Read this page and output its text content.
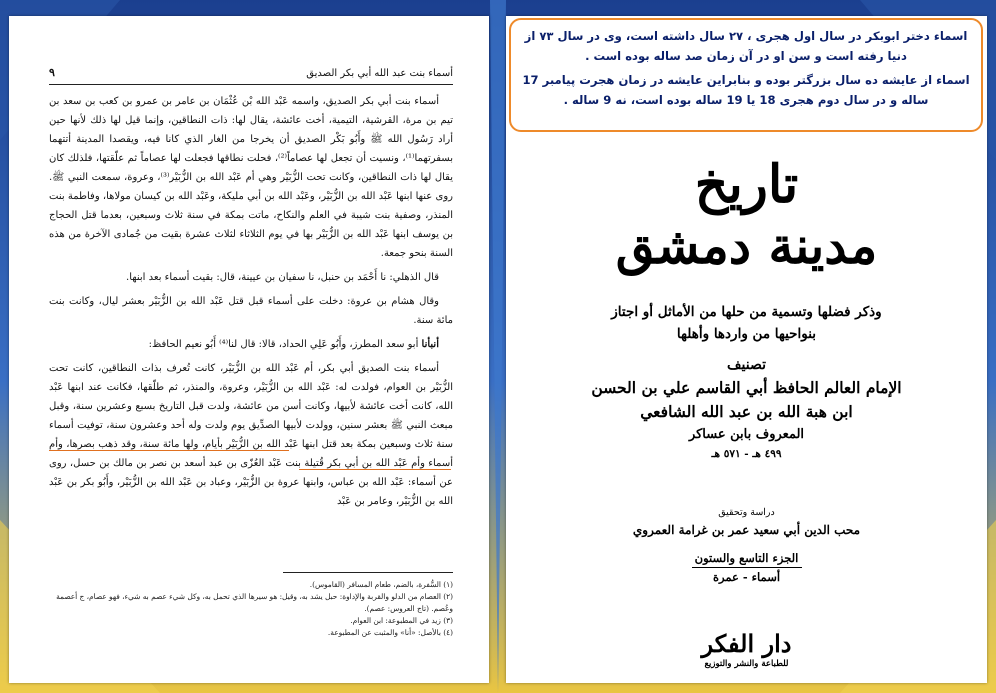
أسماء بنت عبد الله أبي بكر الصديق
٩

أسماء بنت أبي بكر الصديق، واسمه عَبْد الله بْن عُثْمَان بن عامر بن عمرو بن كعب بن سعد بن تيم بن مرة، القرشية، التيمية، أخت عائشة، يقال لها: ذات النطاقين، وإنما قيل لها ذلك لأنها حين أراد رَسُول الله ﷺ وأَبُو بَكْر الصديق أن يخرجا من الغار الذي كانا فيه، ويقصدا المدينة أتتهما بسفرتهما⁽¹⁾، ونسيت أن تجعل لها عصاماً⁽²⁾، فحلت نطاقها فجعلت لها عصاماً ثم علّقتها، فلذلك كان يقال لها ذات النطاقين، وكانت تحت الزُّبَيْر وهي أم عَبْد الله بن الزُّبَيْر⁽³⁾، وعروة، سمعت النبي ﷺ. روى عنها ابنها عَبْد الله بن الزُّبَيْر، وعَبْد الله بن أبي مليكة، وعَبْد الله بن كيسان مولاها، وفاطمة بنت المنذر، وصفية بنت شيبة في العلم والنكاح، ماتت بمكة في سنة ثلاث وسبعين، بعدما قتل الحجاج بن يوسف ابنها عَبْد الله بن الزُّبَيْر بها في يوم الثلاثاء لثلاث عشرة بقيت من جُمادى الآخرة من هذه السنة بنحو جمعة.

قال الذهلي: نا أَحْمَد بن حنبل، نا سفيان بن عيينة، قال: بقيت أسماء بعد ابنها.

وقال هشام بن عروة: دخلت على أسماء قبل قتل عَبْد الله بن الزُّبَيْر بعشر ليال، وكانت بنت مائة سنة.

أنبأنا أبو سعد المطرز، وأَبُو عَلِي الحداد، قالا: قال لنا⁽⁴⁾ أَبُو نعيم الحافظ:

أسماء بنت الصديق أبي بكر، أم عَبْد الله بن الزُّبَيْر، كانت تُعرف بذات النطاقين، كانت تحت الزُّبَيْر بن العوام، فولدت له: عَبْد الله بن الزُّبَيْر، وعروة، والمنذر، ثم طلّقها، فكانت عند ابنها عَبْد الله، كانت أخت عائشة لأبيها، وكانت أسن من عائشة، ولدت قبل التاريخ بسبع وعشرين سنة، وقبل مبعث النبي ﷺ بعشر سنين، وولدت لأبيها الصدِّيق يوم ولدت وله أحد وعشرون سنة، توفيت أسماء سنة ثلاث وسبعين بمكة بعد قتل ابنها عَبْد الله بن الزُّبَيْر بأيام، ولها مائة سنة، وقد ذهب بصرها، وأم أسماء وأم عَبْد الله بن أبي بكر قُتيلة بنت عَبْد العُزّى بن عبد أسعد بن نصر بن مالك بن حسل، روى عن أسماء: عَبْد الله بن عباس، وابنها عروة بن الزُّبَيْر، وعباد بن عَبْد الله بن الزُّبَيْر، وأَبُو بكر بن عَبْد الله بن الزُّبَيْر، وعامر بن عَبْد

(١) السُّفرة، بالضم، طعام المسافر (القاموس).
(٢) العصام من الدلو والقربة والإداوة: حبل يشد به، وقيل: هو سيرها الذي تحمل به، وكل شيء عصم به شيء، فهو عصام، ج أعصمة وعُصم. (تاج العروس: عصم).
(٣) زيد في المطبوعة: ابن العوام.
(٤) بالأصل: «أنا» والمثبت عن المطبوعة.

اسماء دختر ابوبکر در سال اول هجری ، ۲۷ سال داشته است، وی در سال ۷۳ از دنیا رفته است و سن او در آن زمان صد ساله بوده است .

اسماء از عایشه ده سال بزرگتر بوده و بنابراین عایشه در زمان هجرت پیامبر 17 ساله و در سال دوم هجری 18 یا 19 ساله بوده است، نه 9 ساله .

تاريخ
مدينة دمشق
وذكر فضلها وتسمية من حلها من الأماثل أو اجتاز
بنواحيها من واردها وأهلها
تصنيف
الإمام العالم الحافظ أبي القاسم علي بن الحسن
ابن هبة الله بن عبد الله الشافعي
المعروف بابن عساكر
٤٩٩ هـ - ٥٧١ هـ
دراسة وتحقيق
محب الدين أبي سعيد عمر بن غرامة العمروي
الجزء التاسع والستون
أسماء - عمرة
دار الفكر
للطباعة والنشر والتوزيع
